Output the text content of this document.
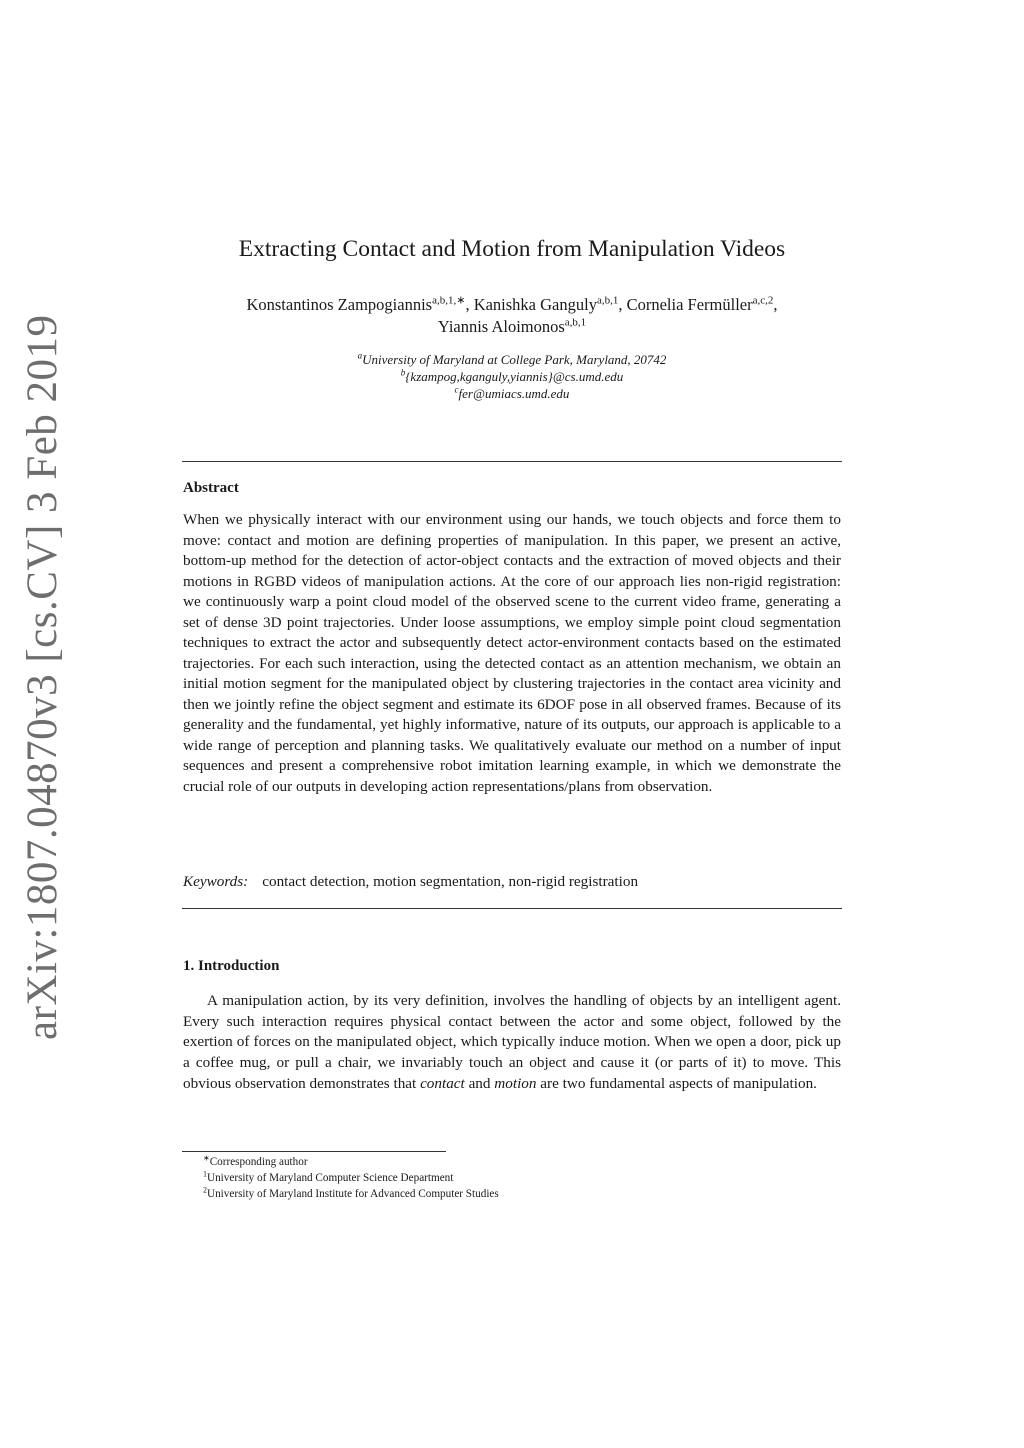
arXiv:1807.04870v3 [cs.CV] 3 Feb 2019
Extracting Contact and Motion from Manipulation Videos
Konstantinos Zampogiannis$^{a,b,1,∗}$, Kanishka Ganguly$^{a,b,1}$, Cornelia Fermüller$^{a,c,2}$,
Yiannis Aloimonos$^{a,b,1}$
$^a$University of Maryland at College Park, Maryland, 20742
$^b${kzampog,kganguly,yiannis}@cs.umd.edu
$^c$fer@umiacs.umd.edu
Abstract
When we physically interact with our environment using our hands, we touch objects and force them to move: contact and motion are defining properties of manipulation. In this paper, we present an active, bottom-up method for the detection of actor-object contacts and the extraction of moved objects and their motions in RGBD videos of manipulation actions. At the core of our approach lies non-rigid registration: we continuously warp a point cloud model of the observed scene to the current video frame, generating a set of dense 3D point trajectories. Under loose assumptions, we employ simple point cloud segmentation techniques to extract the actor and subsequently detect actor-environment contacts based on the estimated trajectories. For each such interaction, using the detected contact as an attention mechanism, we obtain an initial motion segment for the manipulated object by clustering trajectories in the contact area vicinity and then we jointly refine the object segment and estimate its 6DOF pose in all observed frames. Because of its generality and the fundamental, yet highly informative, nature of its outputs, our approach is applicable to a wide range of perception and planning tasks. We qualitatively evaluate our method on a number of input sequences and present a comprehensive robot imitation learning example, in which we demonstrate the crucial role of our outputs in developing action representations/plans from observation.
Keywords: contact detection, motion segmentation, non-rigid registration
1. Introduction
A manipulation action, by its very definition, involves the handling of objects by an intelligent agent. Every such interaction requires physical contact between the actor and some object, followed by the exertion of forces on the manipulated object, which typically induce motion. When we open a door, pick up a coffee mug, or pull a chair, we invariably touch an object and cause it (or parts of it) to move. This obvious observation demonstrates that contact and motion are two fundamental aspects of manipulation.
∗Corresponding author
$^1$University of Maryland Computer Science Department
$^2$University of Maryland Institute for Advanced Computer Studies
